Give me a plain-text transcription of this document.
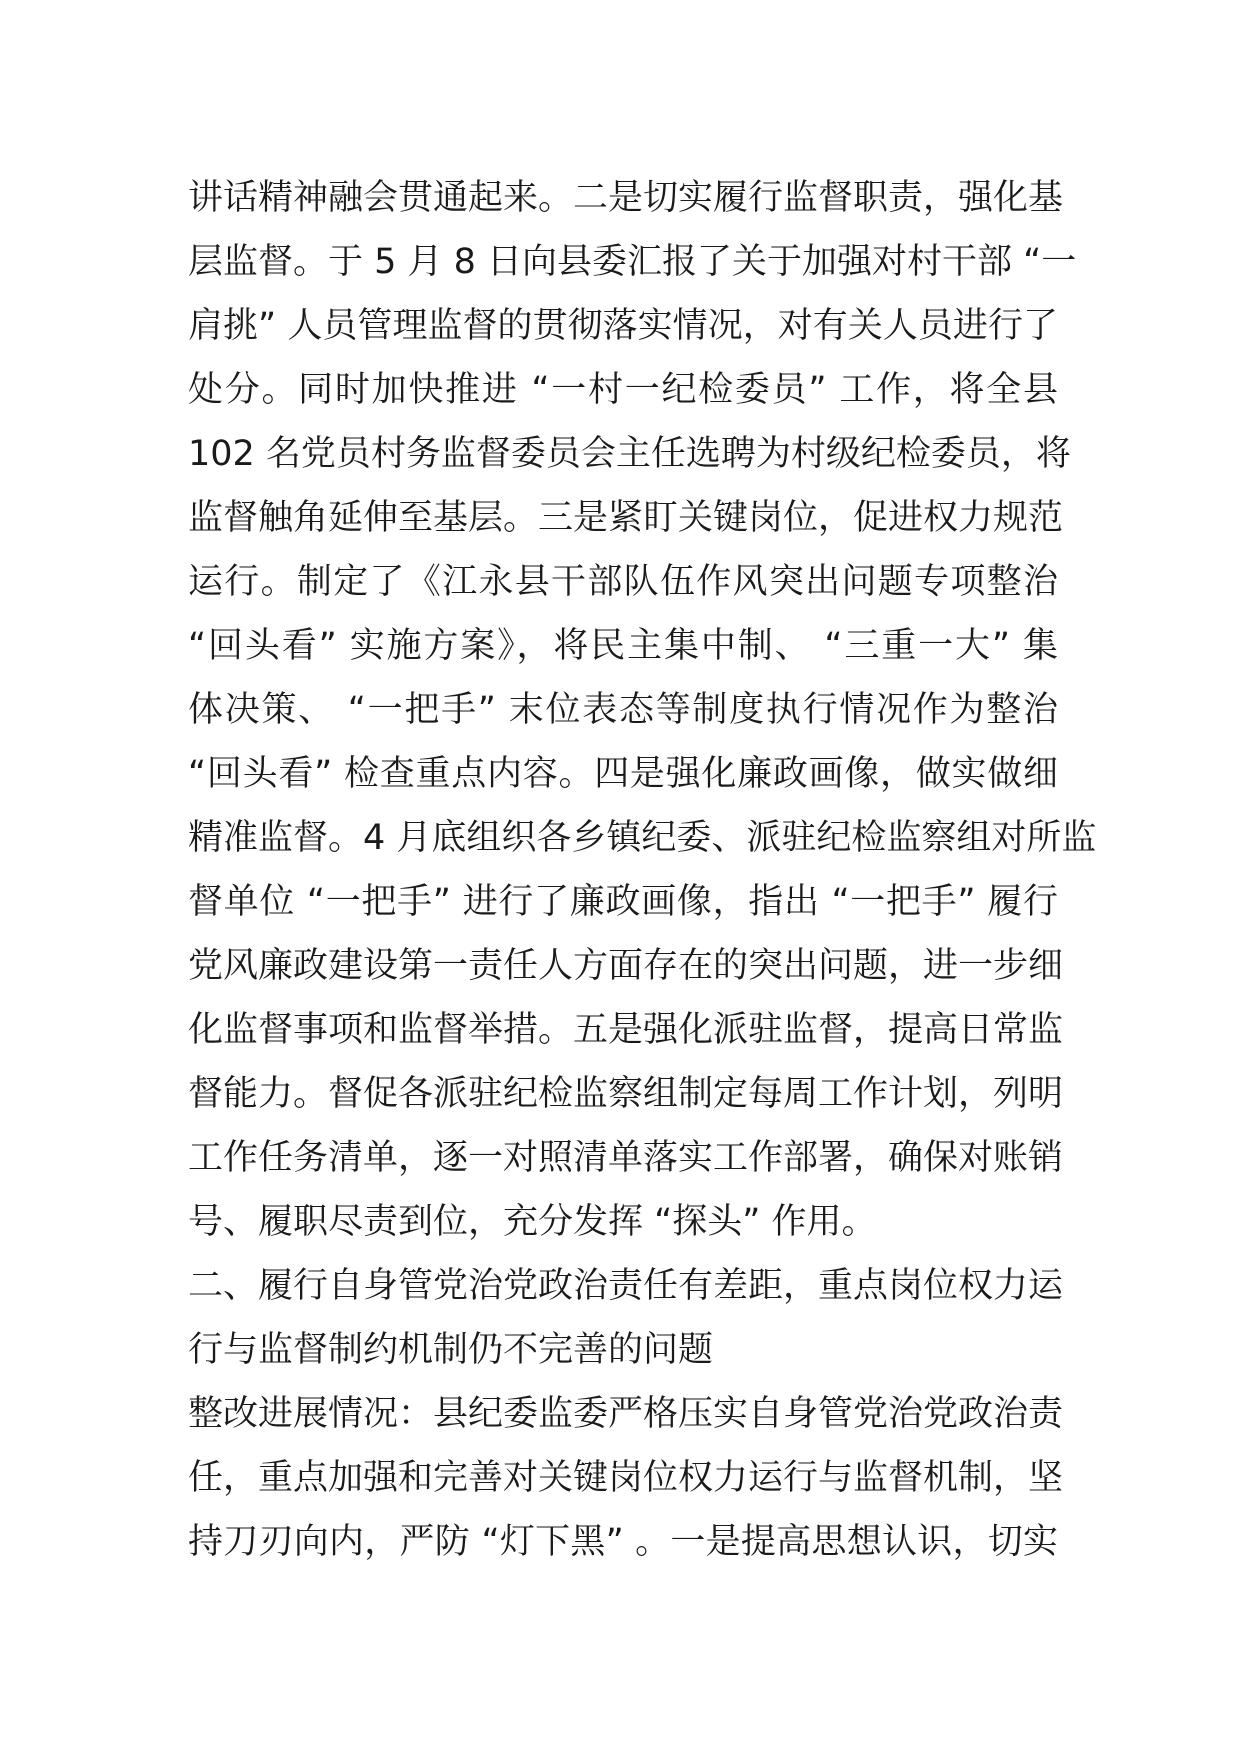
讲话精神融会贯通起来。二是切实履行监督职责，强化基
层监督。于 5 月 8 日向县委汇报了关于加强对村干部 “一
肩挑” 人员管理监督的贯彻落实情况，对有关人员进行了
处分。同时加快推进 “一村一纪检委员” 工作，将全县
102 名党员村务监督委员会主任选聘为村级纪检委员，将
监督触角延伸至基层。三是紧盯关键岗位，促进权力规范
运行。制定了《江永县干部队伍作风突出问题专项整治
“回头看” 实施方案》，将民主集中制、 “三重一大” 集
体决策、 “一把手” 末位表态等制度执行情况作为整治
“回头看” 检查重点内容。四是强化廉政画像，做实做细
精准监督。4 月底组织各乡镇纪委、派驻纪检监察组对所监
督单位 “一把手” 进行了廉政画像，指出 “一把手” 履行
党风廉政建设第一责任人方面存在的突出问题，进一步细
化监督事项和监督举措。五是强化派驻监督，提高日常监
督能力。督促各派驻纪检监察组制定每周工作计划，列明
工作任务清单，逐一对照清单落实工作部署，确保对账销
号、履职尽责到位，充分发挥 “探头” 作用。
二、履行自身管党治党政治责任有差距，重点岗位权力运
行与监督制约机制仍不完善的问题
整改进展情况：县纪委监委严格压实自身管党治党政治责
任，重点加强和完善对关键岗位权力运行与监督机制，坚
持刀刃向内，严防 “灯下黑” 。一是提高思想认识，切实
